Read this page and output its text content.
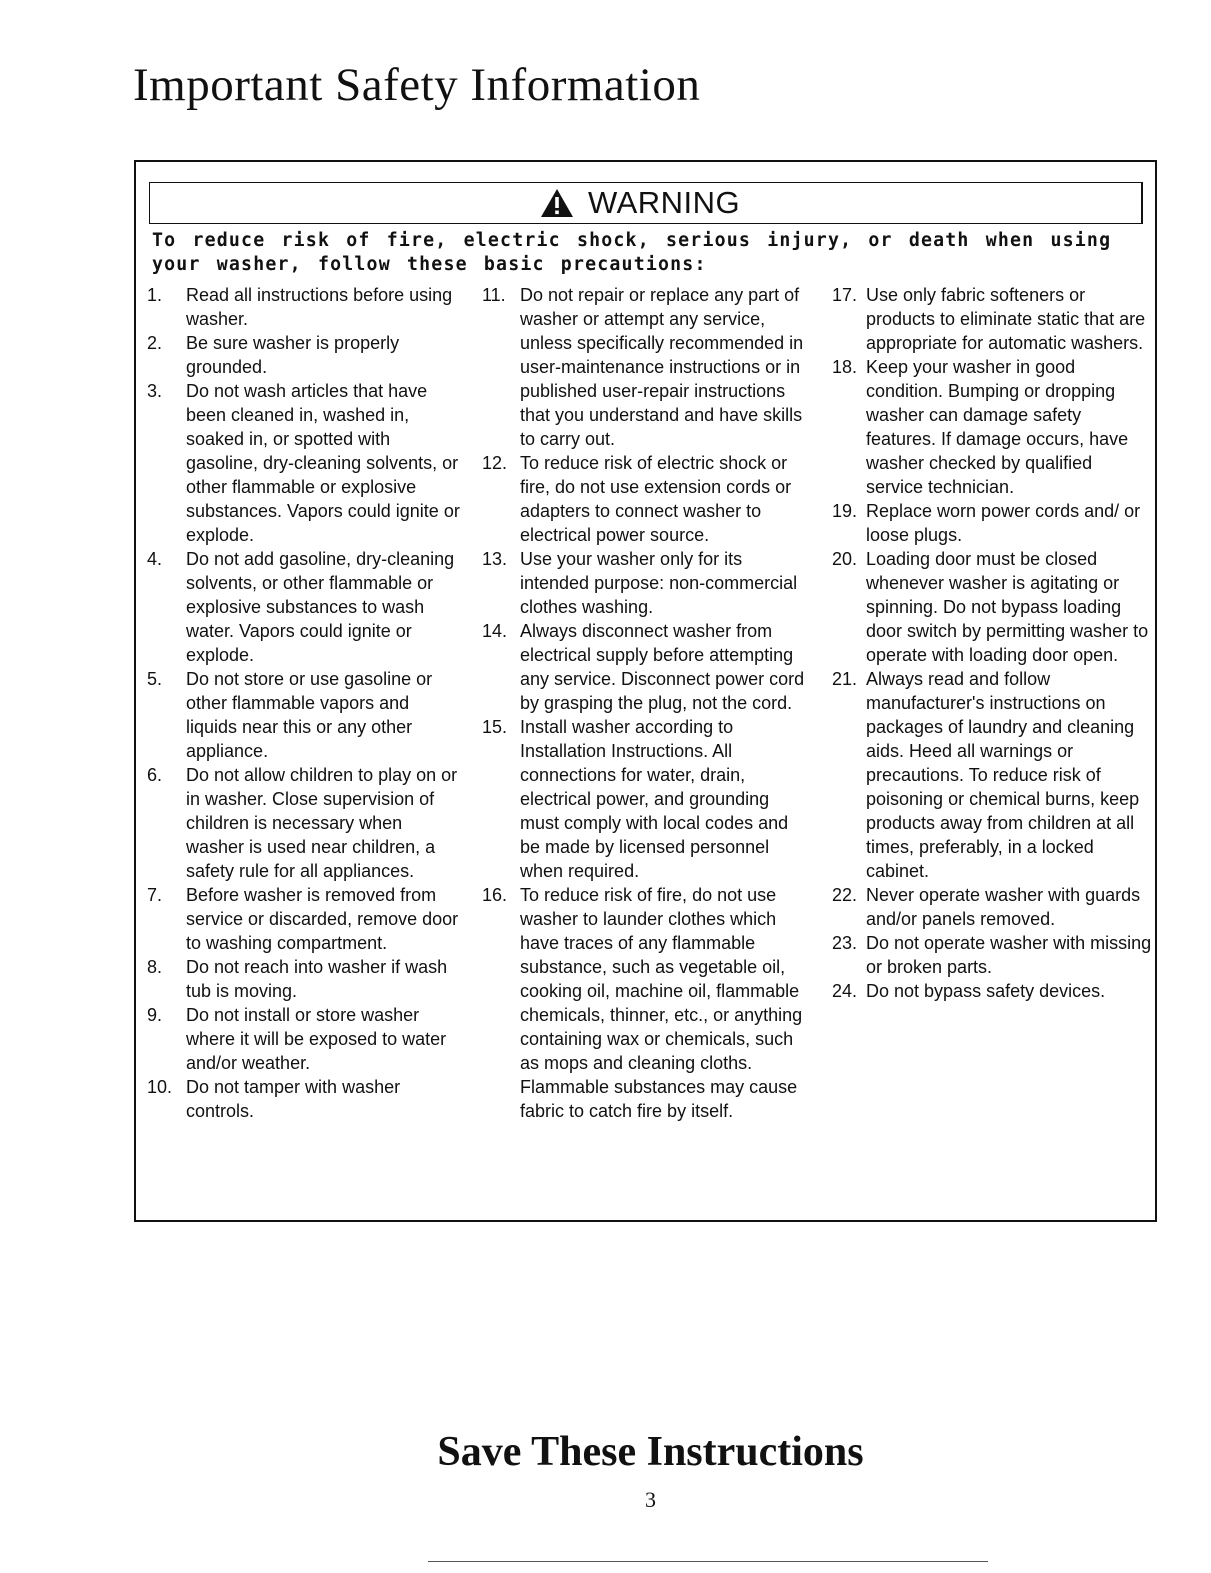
Important Safety Information
WARNING

To reduce risk of fire, electric shock, serious injury, or death when using your washer, follow these basic precautions:

1. Read all instructions before using washer.
2. Be sure washer is properly grounded.
3. Do not wash articles that have been cleaned in, washed in, soaked in, or spotted with gasoline, dry-cleaning solvents, or other flammable or explosive substances. Vapors could ignite or explode.
4. Do not add gasoline, dry-cleaning solvents, or other flammable or explosive substances to wash water. Vapors could ignite or explode.
5. Do not store or use gasoline or other flammable vapors and liquids near this or any other appliance.
6. Do not allow children to play on or in washer. Close supervision of children is necessary when washer is used near children, a safety rule for all appliances.
7. Before washer is removed from service or discarded, remove door to washing compartment.
8. Do not reach into washer if wash tub is moving.
9. Do not install or store washer where it will be exposed to water and/or weather.
10. Do not tamper with washer controls.
11. Do not repair or replace any part of washer or attempt any service, unless specifically recommended in user-maintenance instructions or in published user-repair instructions that you understand and have skills to carry out.
12. To reduce risk of electric shock or fire, do not use extension cords or adapters to connect washer to electrical power source.
13. Use your washer only for its intended purpose: non-commercial clothes washing.
14. Always disconnect washer from electrical supply before attempting any service. Disconnect power cord by grasping the plug, not the cord.
15. Install washer according to Installation Instructions. All connections for water, drain, electrical power, and grounding must comply with local codes and be made by licensed personnel when required.
16. To reduce risk of fire, do not use washer to launder clothes which have traces of any flammable substance, such as vegetable oil, cooking oil, machine oil, flammable chemicals, thinner, etc., or anything containing wax or chemicals, such as mops and cleaning cloths. Flammable substances may cause fabric to catch fire by itself.
17. Use only fabric softeners or products to eliminate static that are appropriate for automatic washers.
18. Keep your washer in good condition. Bumping or dropping washer can damage safety features. If damage occurs, have washer checked by qualified service technician.
19. Replace worn power cords and/ or loose plugs.
20. Loading door must be closed whenever washer is agitating or spinning. Do not bypass loading door switch by permitting washer to operate with loading door open.
21. Always read and follow manufacturer's instructions on packages of laundry and cleaning aids. Heed all warnings or precautions. To reduce risk of poisoning or chemical burns, keep products away from children at all times, preferably, in a locked cabinet.
22. Never operate washer with guards and/or panels removed.
23. Do not operate washer with missing or broken parts.
24. Do not bypass safety devices.
Save These Instructions
3
